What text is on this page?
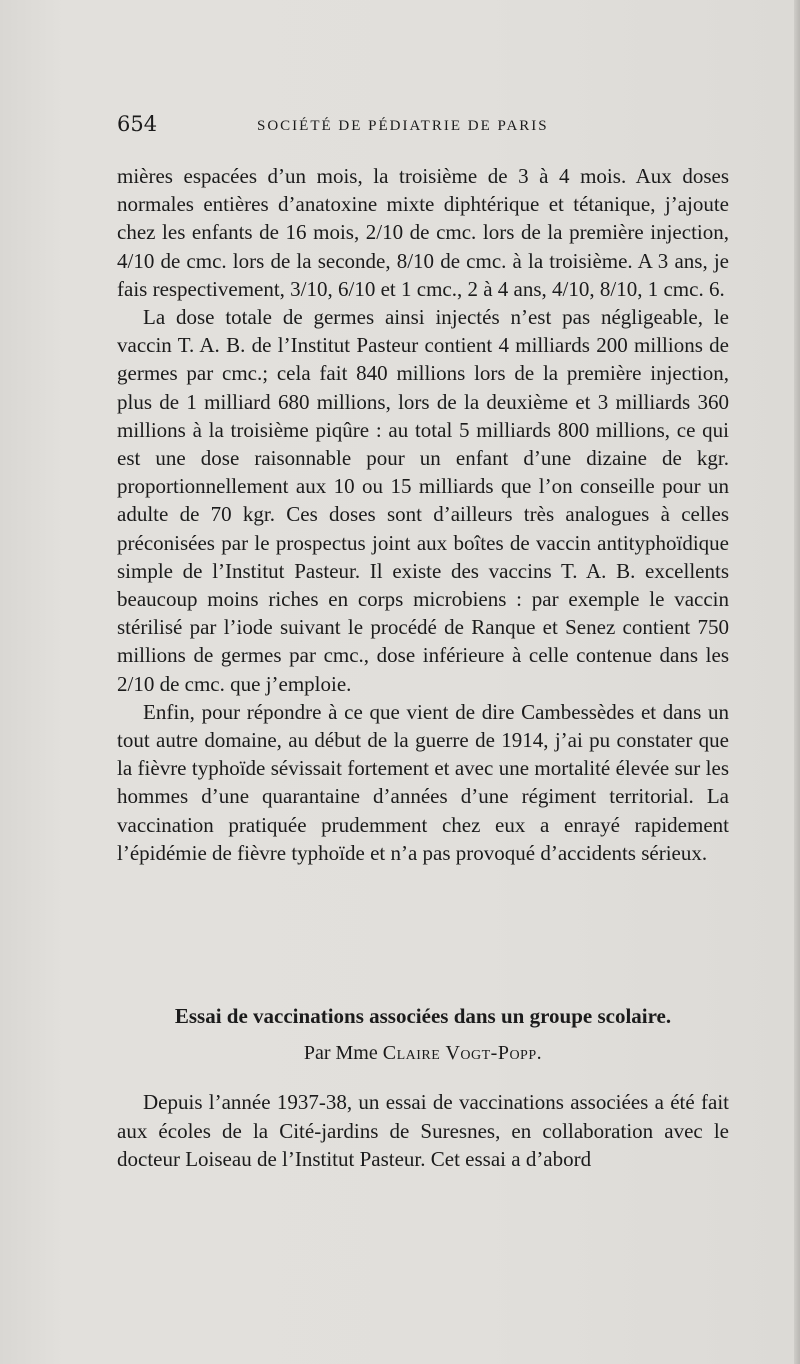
654	SOCIÉTÉ DE PÉDIATRIE DE PARIS

mières espacées d’un mois, la troisième de 3 à 4 mois. Aux doses normales entières d’anatoxine mixte diphtérique et tétanique, j’ajoute chez les enfants de 16 mois, 2/10 de cmc. lors de la première injection, 4/10 de cmc. lors de la seconde, 8/10 de cmc. à la troisième. A 3 ans, je fais respectivement, 3/10, 6/10 et 1 cmc., 2 à 4 ans, 4/10, 8/10, 1 cmc. 6.

La dose totale de germes ainsi injectés n’est pas négligeable, le vaccin T. A. B. de l’Institut Pasteur contient 4 milliards 200 millions de germes par cmc.; cela fait 840 millions lors de la première injection, plus de 1 milliard 680 millions, lors de la deuxième et 3 milliards 360 millions à la troisième piqûre : au total 5 milliards 800 millions, ce qui est une dose raisonnable pour un enfant d’une dizaine de kgr. proportionnellement aux 10 ou 15 milliards que l’on conseille pour un adulte de 70 kgr. Ces doses sont d’ailleurs très analogues à celles préconisées par le prospectus joint aux boîtes de vaccin antityphoïdique simple de l’Institut Pasteur. Il existe des vaccins T. A. B. excellents beaucoup moins riches en corps microbiens : par exemple le vaccin stérilisé par l’iode suivant le procédé de Ranque et Senez contient 750 millions de germes par cmc., dose inférieure à celle contenue dans les 2/10 de cmc. que j’emploie.

Enfin, pour répondre à ce que vient de dire Cambessèdes et dans un tout autre domaine, au début de la guerre de 1914, j’ai pu constater que la fièvre typhoïde sévissait fortement et avec une mortalité élevée sur les hommes d’une quarantaine d’années d’une régiment territorial. La vaccination pratiquée prudemment chez eux a enrayé rapidement l’épidémie de fièvre typhoïde et n’a pas provoqué d’accidents sérieux.

Essai de vaccinations associées dans un groupe scolaire.

Par Mme Claire Vogt-Popp.

Depuis l’année 1937-38, un essai de vaccinations associées a été fait aux écoles de la Cité-jardins de Suresnes, en collaboration avec le docteur Loiseau de l’Institut Pasteur. Cet essai a d’abord
